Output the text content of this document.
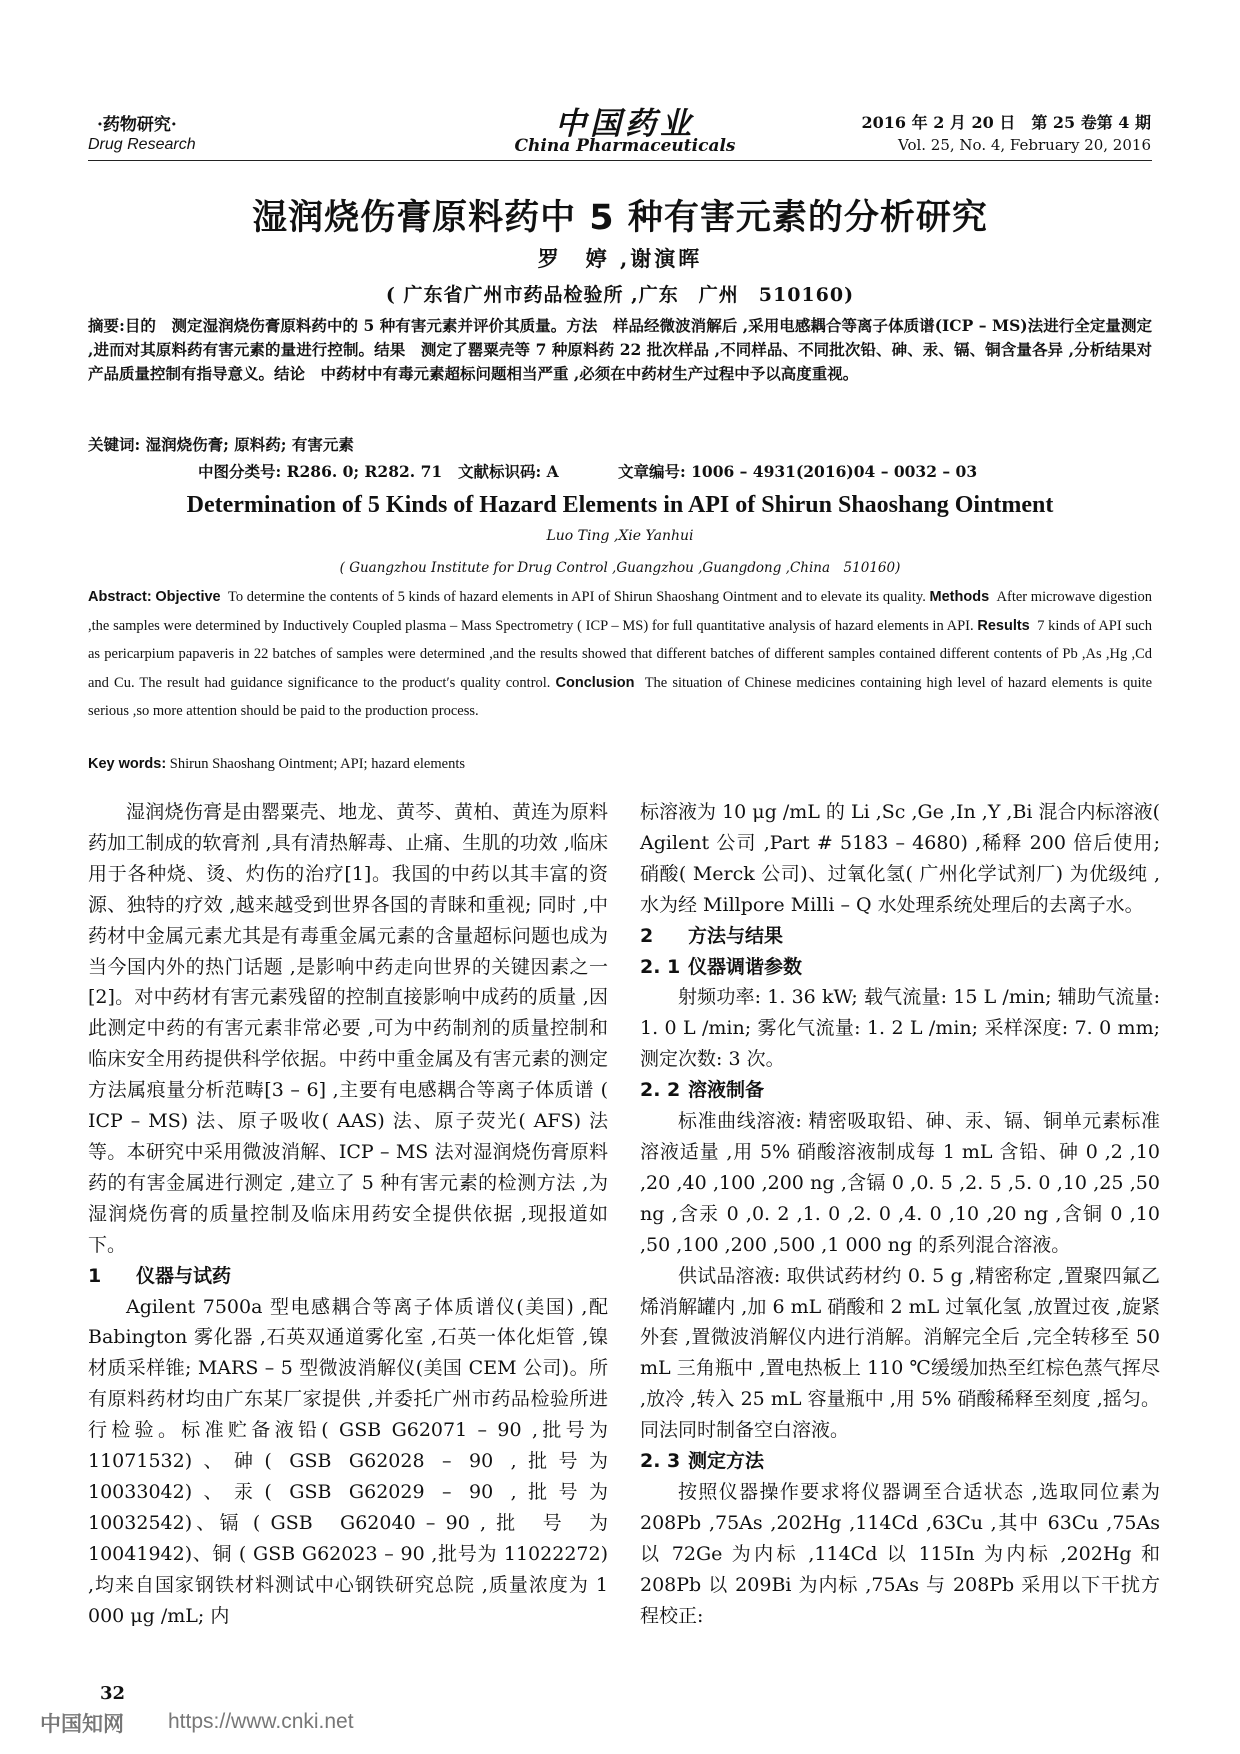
·药物研究·
Drug Research
中国药业
China Pharmaceuticals
2016 年 2 月 20 日　第 25 卷第 4 期
Vol. 25, No. 4, February 20, 2016
湿润烧伤膏原料药中 5 种有害元素的分析研究
罗　婷 ,谢演晖
( 广东省广州市药品检验所 ,广东　广州　510160)
摘要:目的　测定湿润烧伤膏原料药中的 5 种有害元素并评价其质量。方法　样品经微波消解后 ,采用电感耦合等离子体质谱(ICP – MS)法进行全定量测定 ,进而对其原料药有害元素的量进行控制。结果　测定了罂粟壳等 7 种原料药 22 批次样品 ,不同样品、不同批次铅、砷、汞、镉、铜含量各异 ,分析结果对产品质量控制有指导意义。结论　中药材中有毒元素超标问题相当严重 ,必须在中药材生产过程中予以高度重视。
关键词: 湿润烧伤膏; 原料药; 有害元素
中图分类号: R286. 0; R282. 71 文献标识码: A	文章编号: 1006 – 4931(2016)04 – 0032 – 03
Determination of 5 Kinds of Hazard Elements in API of Shirun Shaoshang Ointment
Luo Ting ,Xie Yanhui
( Guangzhou Institute for Drug Control ,Guangzhou ,Guangdong ,China　510160)
Abstract: Objective To determine the contents of 5 kinds of hazard elements in API of Shirun Shaoshang Ointment and to elevate its quality. Methods After microwave digestion ,the samples were determined by Inductively Coupled plasma – Mass Spectrometry ( ICP – MS) for full quantitative analysis of hazard elements in API. Results 7 kinds of API such as pericarpium papaveris in 22 batches of samples were determined ,and the results showed that different batches of different samples contained different contents of Pb ,As ,Hg ,Cd and Cu. The result had guidance significance to the product′s quality control. Conclusion The situation of Chinese medicines containing high level of hazard elements is quite serious ,so more attention should be paid to the production process.
Key words: Shirun Shaoshang Ointment; API; hazard elements

湿润烧伤膏是由罂粟壳、地龙、黄芩、黄柏、黄连为原料药加工制成的软膏剂 ,具有清热解毒、止痛、生肌的功效 ,临床用于各种烧、烫、灼伤的治疗[1]。我国的中药以其丰富的资源、独特的疗效 ,越来越受到世界各国的青睐和重视; 同时 ,中药材中金属元素尤其是有毒重金属元素的含量超标问题也成为当今国内外的热门话题 ,是影响中药走向世界的关键因素之一[2]。对中药材有害元素残留的控制直接影响中成药的质量 ,因此测定中药的有害元素非常必要 ,可为中药制剂的质量控制和临床安全用药提供科学依据。中药中重金属及有害元素的测定方法属痕量分析范畴[3 – 6] ,主要有电感耦合等离子体质谱 ( ICP – MS) 法、原子吸收( AAS) 法、原子荧光( AFS) 法等。本研究中采用微波消解、ICP – MS 法对湿润烧伤膏原料药的有害金属进行测定 ,建立了 5 种有害元素的检测方法 ,为湿润烧伤膏的质量控制及临床用药安全提供依据 ,现报道如下。

1 仪器与试药

Agilent 7500a 型电感耦合等离子体质谱仪(美国) ,配 Babington 雾化器 ,石英双通道雾化室 ,石英一体化炬管 ,镍材质采样锥; MARS – 5 型微波消解仪(美国 CEM 公司)。所有原料药材均由广东某厂家提供 ,并委托广州市药品检验所进行检验。标准贮备液铅( GSB G62071 – 90 ,批号为 11071532)、砷( GSB G62028 – 90 ,批号为 10033042)、汞( GSB G62029 – 90 ,批号为 10032542)、镉 ( GSB　G62040 – 90 , 批　号　为　10041942)、铜 ( GSB G62023 – 90 ,批号为 11022272) ,均来自国家钢铁材料测试中心钢铁研究总院 ,质量浓度为 1 000 μg /mL; 内

标溶液为 10 μg /mL 的 Li ,Sc ,Ge ,In ,Y ,Bi 混合内标溶液( Agilent 公司 ,Part # 5183 – 4680) ,稀释 200 倍后使用; 硝酸( Merck 公司)、过氧化氢( 广州化学试剂厂) 为优级纯 ,水为经 Millpore Milli – Q 水处理系统处理后的去离子水。

2 方法与结果
2. 1 仪器调谐参数

射频功率: 1. 36 kW; 载气流量: 15 L /min; 辅助气流量: 1. 0 L /min; 雾化气流量: 1. 2 L /min; 采样深度: 7. 0 mm; 测定次数: 3 次。

2. 2 溶液制备

标准曲线溶液: 精密吸取铅、砷、汞、镉、铜单元素标准溶液适量 ,用 5% 硝酸溶液制成每 1 mL 含铅、砷 0 ,2 ,10 ,20 ,40 ,100 ,200 ng ,含镉 0 ,0. 5 ,2. 5 ,5. 0 ,10 ,25 ,50 ng ,含汞 0 ,0. 2 ,1. 0 ,2. 0 ,4. 0 ,10 ,20 ng ,含铜 0 ,10 ,50 ,100 ,200 ,500 ,1 000 ng 的系列混合溶液。

供试品溶液: 取供试药材约 0. 5 g ,精密称定 ,置聚四氟乙烯消解罐内 ,加 6 mL 硝酸和 2 mL 过氧化氢 ,放置过夜 ,旋紧外套 ,置微波消解仪内进行消解。消解完全后 ,完全转移至 50 mL 三角瓶中 ,置电热板上 110 ℃缓缓加热至红棕色蒸气挥尽 ,放冷 ,转入 25 mL 容量瓶中 ,用 5% 硝酸稀释至刻度 ,摇匀。同法同时制备空白溶液。

2. 3 测定方法

按照仪器操作要求将仪器调至合适状态 ,选取同位素为 208Pb ,75As ,202Hg ,114Cd ,63Cu ,其中 63Cu ,75As 以 72Ge 为内标 ,114Cd 以 115In 为内标 ,202Hg 和 208Pb 以 209Bi 为内标 ,75As 与 208Pb 采用以下干扰方程校正:

32
中国知网 https://www.cnki.net
